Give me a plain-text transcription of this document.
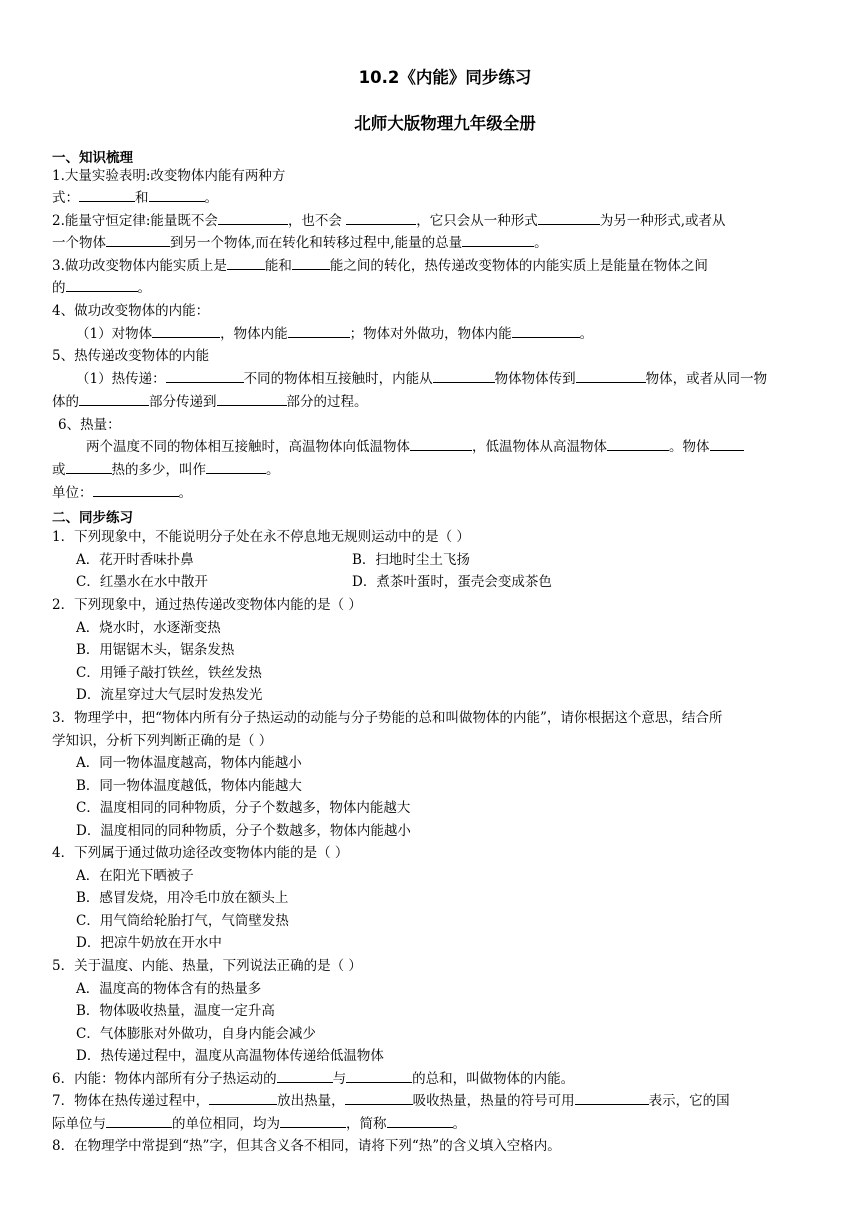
10.2《内能》同步练习
北师大版物理九年级全册
一、知识梳理
1.大量实验表明:改变物体内能有两种方
式：	和	。
2.能量守恒定律:能量既不会	，也不会	，它只会从一种形式	为另一种形式,或者从
一个物体	到另一个物体,而在转化和转移过程中,能量的总量	。
3.做功改变物体内能实质上是	能和	能之间的转化，热传递改变物体的内能实质上是能量在物体之间
的	。
4、做功改变物体的内能：
（1）对物体	，物体内能	；物体对外做功，物体内能	。
5、热传递改变物体的内能
（1）热传递：	不同的物体相互接触时，内能从	物体物体传到	物体，或者从同一物
体的	部分传递到	部分的过程。
6、热量：
两个温度不同的物体相互接触时，高温物体向低温物体	，低温物体从高温物体	。物体
或	热的多少，叫作	。
单位：	。
二、同步练习
1．下列现象中，不能说明分子处在永不停息地无规则运动中的是（ ）
A．花开时香味扑鼻	B．扫地时尘土飞扬
C．红墨水在水中散开	D．煮茶叶蛋时，蛋壳会变成茶色
2．下列现象中，通过热传递改变物体内能的是（ ）
A．烧水时，水逐渐变热
B．用锯锯木头，锯条发热
C．用锤子敲打铁丝，铁丝发热
D．流星穿过大气层时发热发光
3．物理学中，把“物体内所有分子热运动的动能与分子势能的总和叫做物体的内能”，请你根据这个意思，结合所
学知识，分析下列判断正确的是（ ）
A．同一物体温度越高，物体内能越小
B．同一物体温度越低，物体内能越大
C．温度相同的同种物质，分子个数越多，物体内能越大
D．温度相同的同种物质，分子个数越多，物体内能越小
4．下列属于通过做功途径改变物体内能的是（ ）
A．在阳光下晒被子
B．感冒发烧，用冷毛巾放在额头上
C．用气筒给轮胎打气，气筒壁发热
D．把凉牛奶放在开水中
5．关于温度、内能、热量，下列说法正确的是（ ）
A．温度高的物体含有的热量多
B．物体吸收热量，温度一定升高
C．气体膨胀对外做功，自身内能会减少
D．热传递过程中，温度从高温物体传递给低温物体
6．内能：物体内部所有分子热运动的	与	的总和，叫做物体的内能。
7．物体在热传递过程中，	放出热量，	吸收热量，热量的符号可用	表示，它的国
际单位与	的单位相同，均为	，简称	。
8．在物理学中常提到“热”字，但其含义各不相同，请将下列“热”的含义填入空格内。
